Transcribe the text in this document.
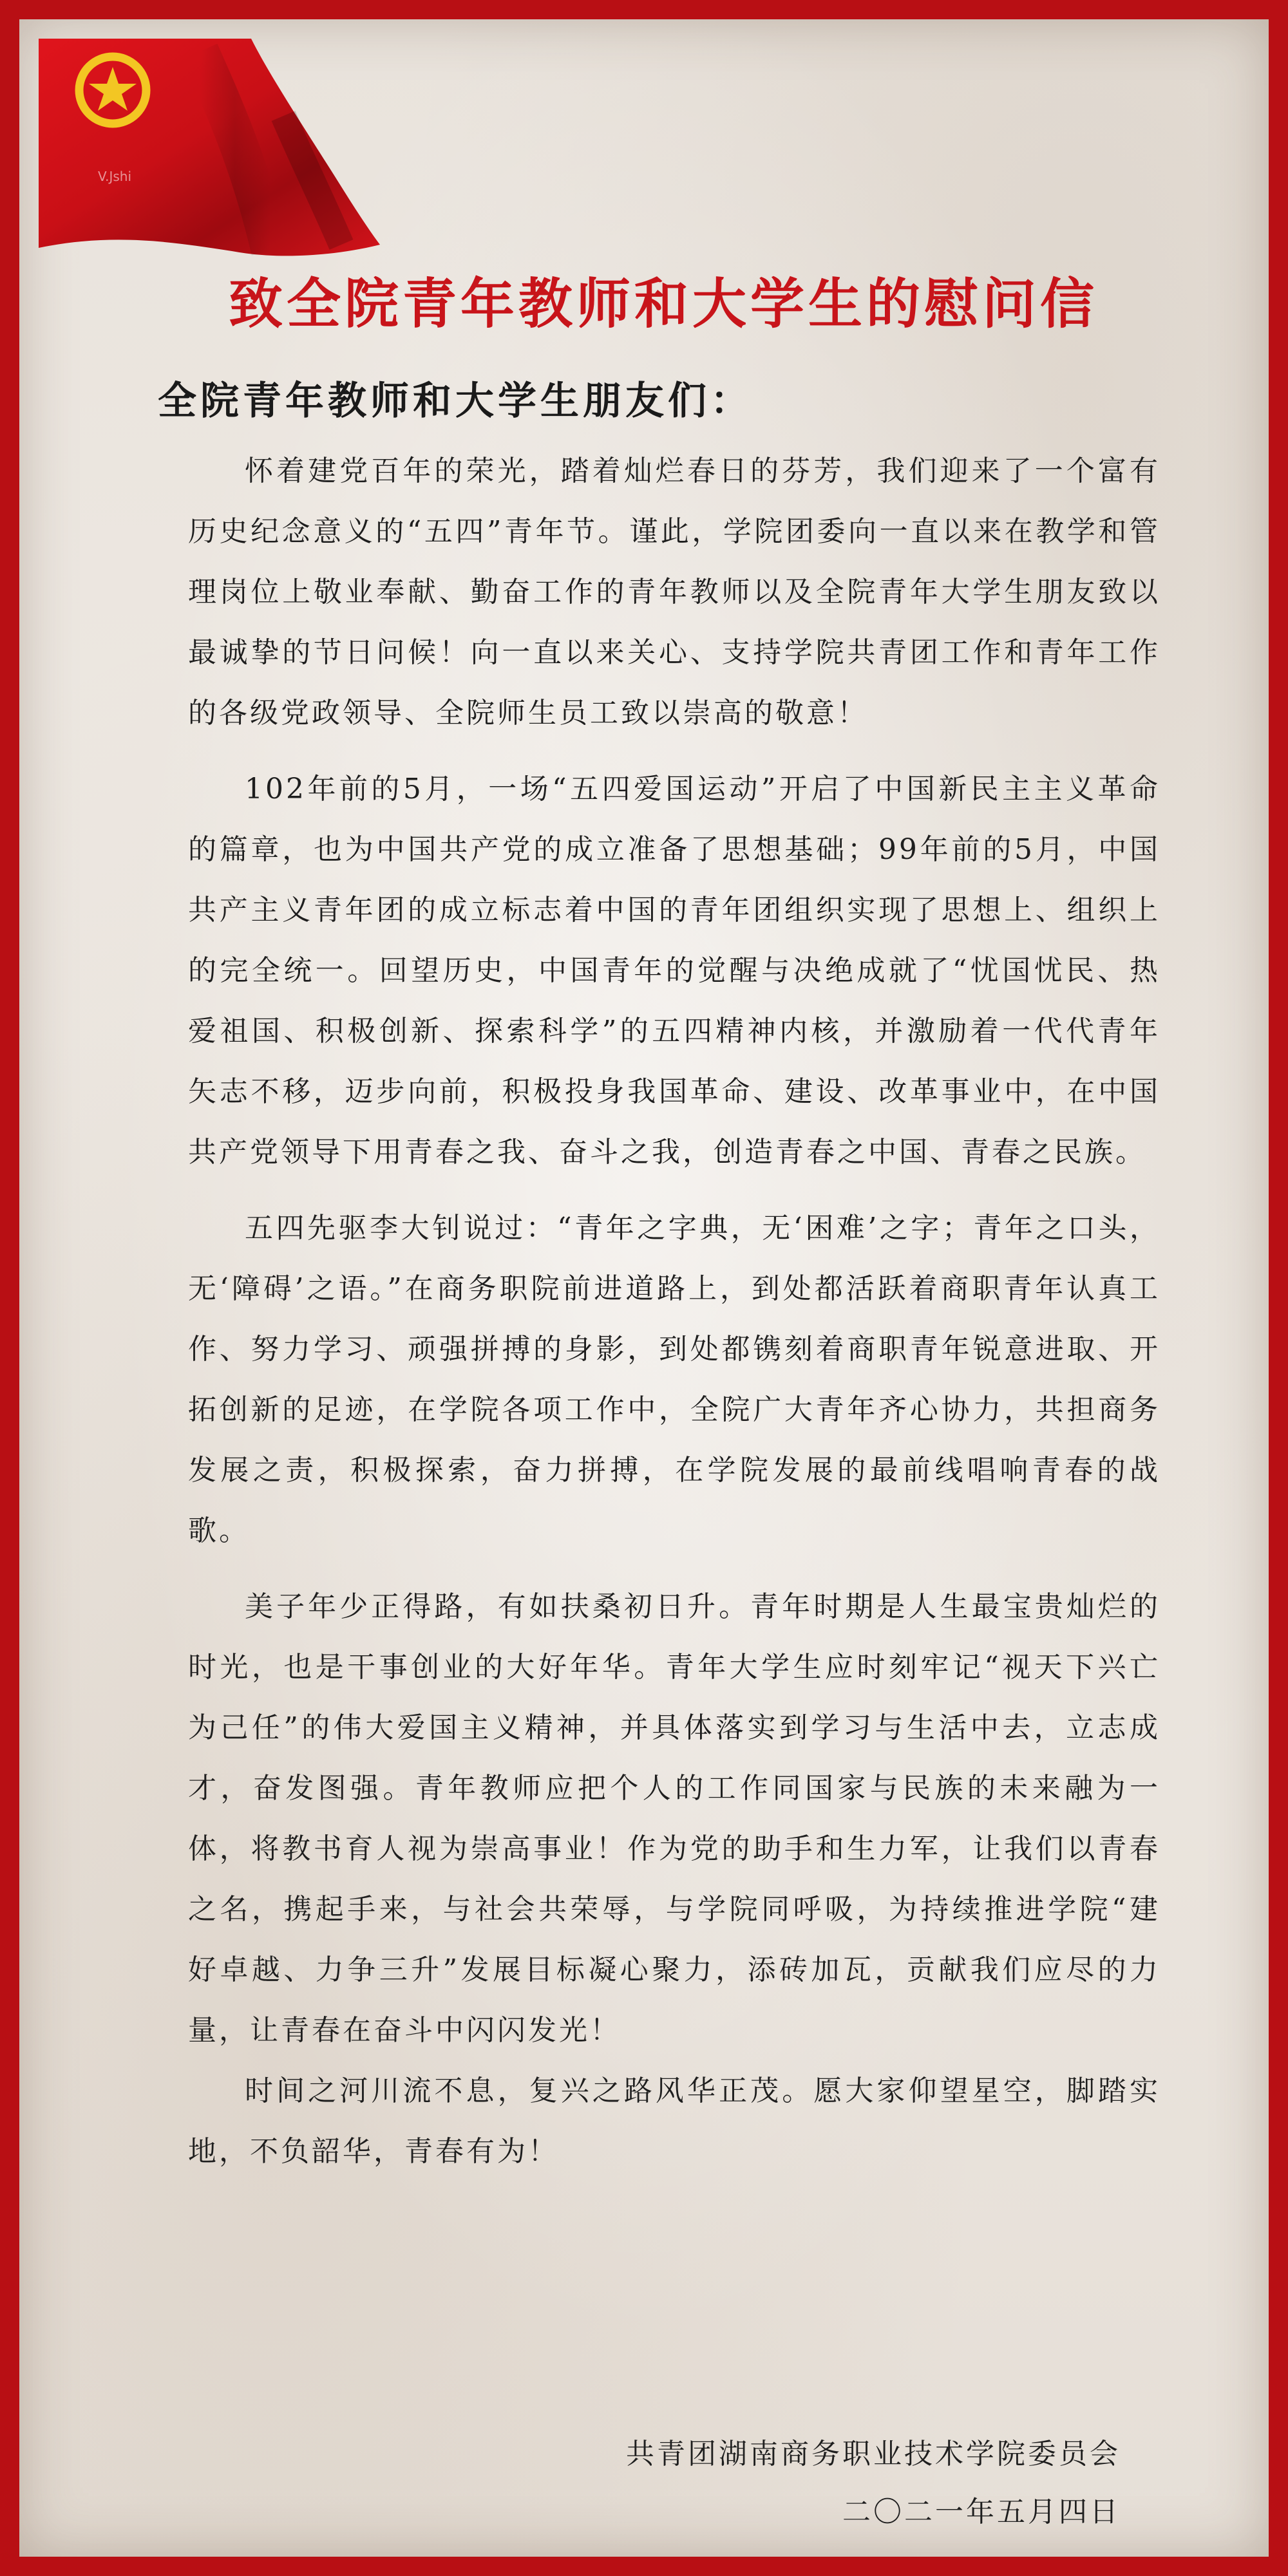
V.Jshi
致全院青年教师和大学生的慰问信
全院青年教师和大学生朋友们：

怀着建党百年的荣光，踏着灿烂春日的芬芳，我们迎来了一个富有历史纪念意义的“五四”青年节。谨此，学院团委向一直以来在教学和管理岗位上敬业奉献、勤奋工作的青年教师以及全院青年大学生朋友致以最诚挚的节日问候！向一直以来关心、支持学院共青团工作和青年工作的各级党政领导、全院师生员工致以崇高的敬意！

102年前的5月，一场“五四爱国运动”开启了中国新民主主义革命的篇章，也为中国共产党的成立准备了思想基础；99年前的5月，中国共产主义青年团的成立标志着中国的青年团组织实现了思想上、组织上的完全统一。回望历史，中国青年的觉醒与决绝成就了“忧国忧民、热爱祖国、积极创新、探索科学”的五四精神内核，并激励着一代代青年矢志不移，迈步向前，积极投身我国革命、建设、改革事业中，在中国共产党领导下用青春之我、奋斗之我，创造青春之中国、青春之民族。

五四先驱李大钊说过：“青年之字典，无‘困难’之字；青年之口头，无‘障碍’之语。”在商务职院前进道路上，到处都活跃着商职青年认真工作、努力学习、顽强拼搏的身影，到处都镌刻着商职青年锐意进取、开拓创新的足迹，在学院各项工作中，全院广大青年齐心协力，共担商务发展之责，积极探索，奋力拼搏，在学院发展的最前线唱响青春的战歌。

美子年少正得路，有如扶桑初日升。青年时期是人生最宝贵灿烂的时光，也是干事创业的大好年华。青年大学生应时刻牢记“视天下兴亡为己任”的伟大爱国主义精神，并具体落实到学习与生活中去，立志成才，奋发图强。青年教师应把个人的工作同国家与民族的未来融为一体，将教书育人视为崇高事业！作为党的助手和生力军，让我们以青春之名，携起手来，与社会共荣辱，与学院同呼吸，为持续推进学院“建好卓越、力争三升”发展目标凝心聚力，添砖加瓦，贡献我们应尽的力量，让青春在奋斗中闪闪发光！

时间之河川流不息，复兴之路风华正茂。愿大家仰望星空，脚踏实地，不负韶华，青春有为！

共青团湖南商务职业技术学院委员会
二〇二一年五月四日
